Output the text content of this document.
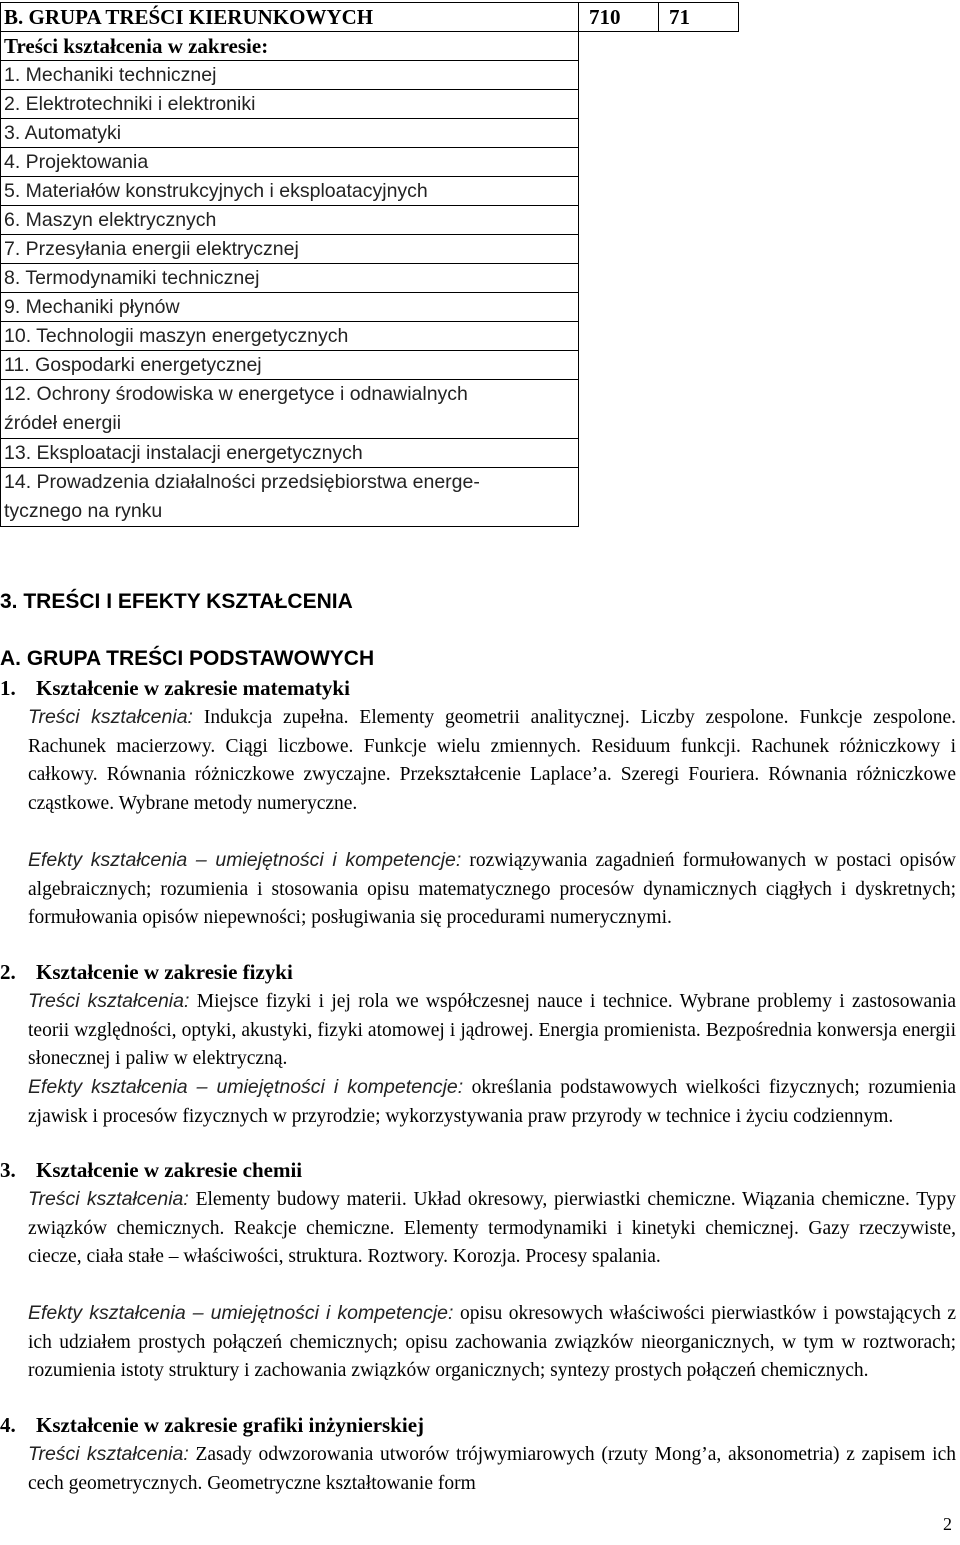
B. GRUPA TREŚCI KIERUNKOWYCH	710	71
Treści kształcenia w zakresie:		
1. Mechaniki technicznej		
2. Elektrotechniki i elektroniki		
3. Automatyki		
4. Projektowania		
5. Materiałów konstrukcyjnych i eksploatacyjnych		
6. Maszyn elektrycznych		
7. Przesyłania energii elektrycznej		
8. Termodynamiki technicznej		
9. Mechaniki płynów		
10. Technologii maszyn energetycznych		
11. Gospodarki energetycznej		
12. Ochrony środowiska w energetyce i odnawialnych
źródeł energii		
13. Eksploatacji instalacji energetycznych		
14. Prowadzenia działalności przedsiębiorstwa energe-
tycznego na rynku		
3. TREŚCI I EFEKTY KSZTAŁCENIA
A. GRUPA TREŚCI PODSTAWOWYCH
1. Kształcenie w zakresie matematyki
Treści kształcenia: Indukcja zupełna. Elementy geometrii analitycznej. Liczby zespolone. Funkcje zespolone. Rachunek macierzowy. Ciągi liczbowe. Funkcje wielu zmiennych. Residuum funkcji. Rachunek różniczkowy i całkowy. Równania różniczkowe zwyczajne. Przekształcenie Laplace’a. Szeregi Fouriera. Równania różniczkowe cząstkowe. Wybrane metody numeryczne.
Efekty kształcenia – umiejętności i kompetencje: rozwiązywania zagadnień formułowanych w postaci opisów algebraicznych; rozumienia i stosowania opisu matematycznego procesów dynamicznych ciągłych i dyskretnych; formułowania opisów niepewności; posługiwania się procedurami numerycznymi.
2. Kształcenie w zakresie fizyki
Treści kształcenia: Miejsce fizyki i jej rola we współczesnej nauce i technice. Wybrane problemy i zastosowania teorii względności, optyki, akustyki, fizyki atomowej i jądrowej. Energia promienista. Bezpośrednia konwersja energii słonecznej i paliw w elektryczną.
Efekty kształcenia – umiejętności i kompetencje: określania podstawowych wielkości fizycznych; rozumienia zjawisk i procesów fizycznych w przyrodzie; wykorzystywania praw przyrody w technice i życiu codziennym.
3. Kształcenie w zakresie chemii
Treści kształcenia: Elementy budowy materii. Układ okresowy, pierwiastki chemiczne. Wiązania chemiczne. Typy związków chemicznych. Reakcje chemiczne. Elementy termodynamiki i kinetyki chemicznej. Gazy rzeczywiste, ciecze, ciała stałe – właściwości, struktura. Roztwory. Korozja. Procesy spalania.
Efekty kształcenia – umiejętności i kompetencje: opisu okresowych właściwości pierwiastków i powstających z ich udziałem prostych połączeń chemicznych; opisu zachowania związków nieorganicznych, w tym w roztworach; rozumienia istoty struktury i zachowania związków organicznych; syntezy prostych połączeń chemicznych.
4. Kształcenie w zakresie grafiki inżynierskiej
Treści kształcenia: Zasady odwzorowania utworów trójwymiarowych (rzuty Mong’a, aksonometria) z zapisem ich cech geometrycznych. Geometryczne kształtowanie form
2
